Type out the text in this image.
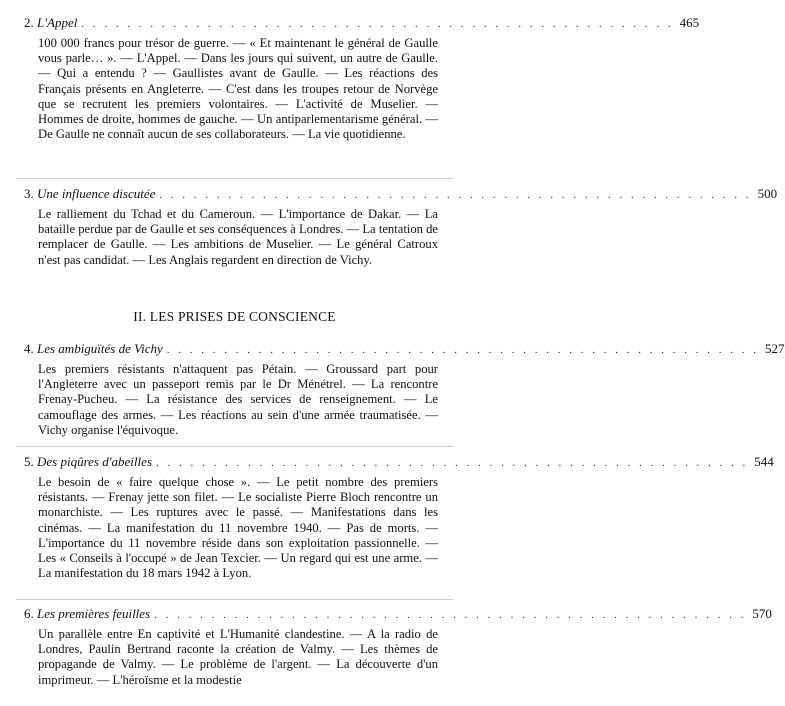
2. L'Appel . . . . . . . . . . . . . . . . . . . . . . . . . . . . . . . . . . . . . . . . . . . . . . . . . . . . 465
100 000 francs pour trésor de guerre. — « Et maintenant le général de Gaulle vous parle… ». — L'Appel. — Dans les jours qui suivent, un autre de Gaulle. — Qui a entendu ? — Gaullistes avant de Gaulle. — Les réactions des Français présents en Angleterre. — C'est dans les troupes retour de Norvège que se recrutent les premiers volontaires. — L'activité de Muselier. — Hommes de droite, hommes de gauche. — Un antiparlementarisme général. — De Gaulle ne connaît aucun de ses collaborateurs. — La vie quotidienne.
3. Une influence discutée . . . . . . . . . . . . . . . . . . . . . . . . . . . . . . . . . . . . . . . . . . . . . . . . . . . . 500
Le ralliement du Tchad et du Cameroun. — L'importance de Dakar. — La bataille perdue par de Gaulle et ses conséquences à Londres. — La tentation de remplacer de Gaulle. — Les ambitions de Muselier. — Le général Catroux n'est pas candidat. — Les Anglais regardent en direction de Vichy.
II. LES PRISES DE CONSCIENCE
4. Les ambiguïtés de Vichy . . . . . . . . . . . . . . . . . . . . . . . . . . . . . . . . . . . . . . . . . . . . . . . . . . . . 527
Les premiers résistants n'attaquent pas Pétain. — Groussard part pour l'Angleterre avec un passeport remis par le Dr Ménétrel. — La rencontre Frenay-Pucheu. — La résistance des services de renseignement. — Le camouflage des armes. — Les réactions au sein d'une armée traumatisée. — Vichy organise l'équivoque.
5. Des piqûres d'abeilles . . . . . . . . . . . . . . . . . . . . . . . . . . . . . . . . . . . . . . . . . . . . . . . . . . . . 544
Le besoin de « faire quelque chose ». — Le petit nombre des premiers résistants. — Frenay jette son filet. — Le socialiste Pierre Bloch rencontre un monarchiste. — Les ruptures avec le passé. — Manifestations dans les cinémas. — La manifestation du 11 novembre 1940. — Pas de morts. — L'importance du 11 novembre réside dans son exploitation passionnelle. — Les « Conseils à l'occupé » de Jean Texcier. — Un regard qui est une arme. — La manifestation du 18 mars 1942 à Lyon.
6. Les premières feuilles . . . . . . . . . . . . . . . . . . . . . . . . . . . . . . . . . . . . . . . . . . . . . . . . . . . . 570
Un parallèle entre En captivité et L'Humanité clandestine. — A la radio de Londres, Paulin Bertrand raconte la création de Valmy. — Les thèmes de propagande de Valmy. — Le problème de l'argent. — La découverte d'un imprimeur. — L'héroïsme et la modestie
